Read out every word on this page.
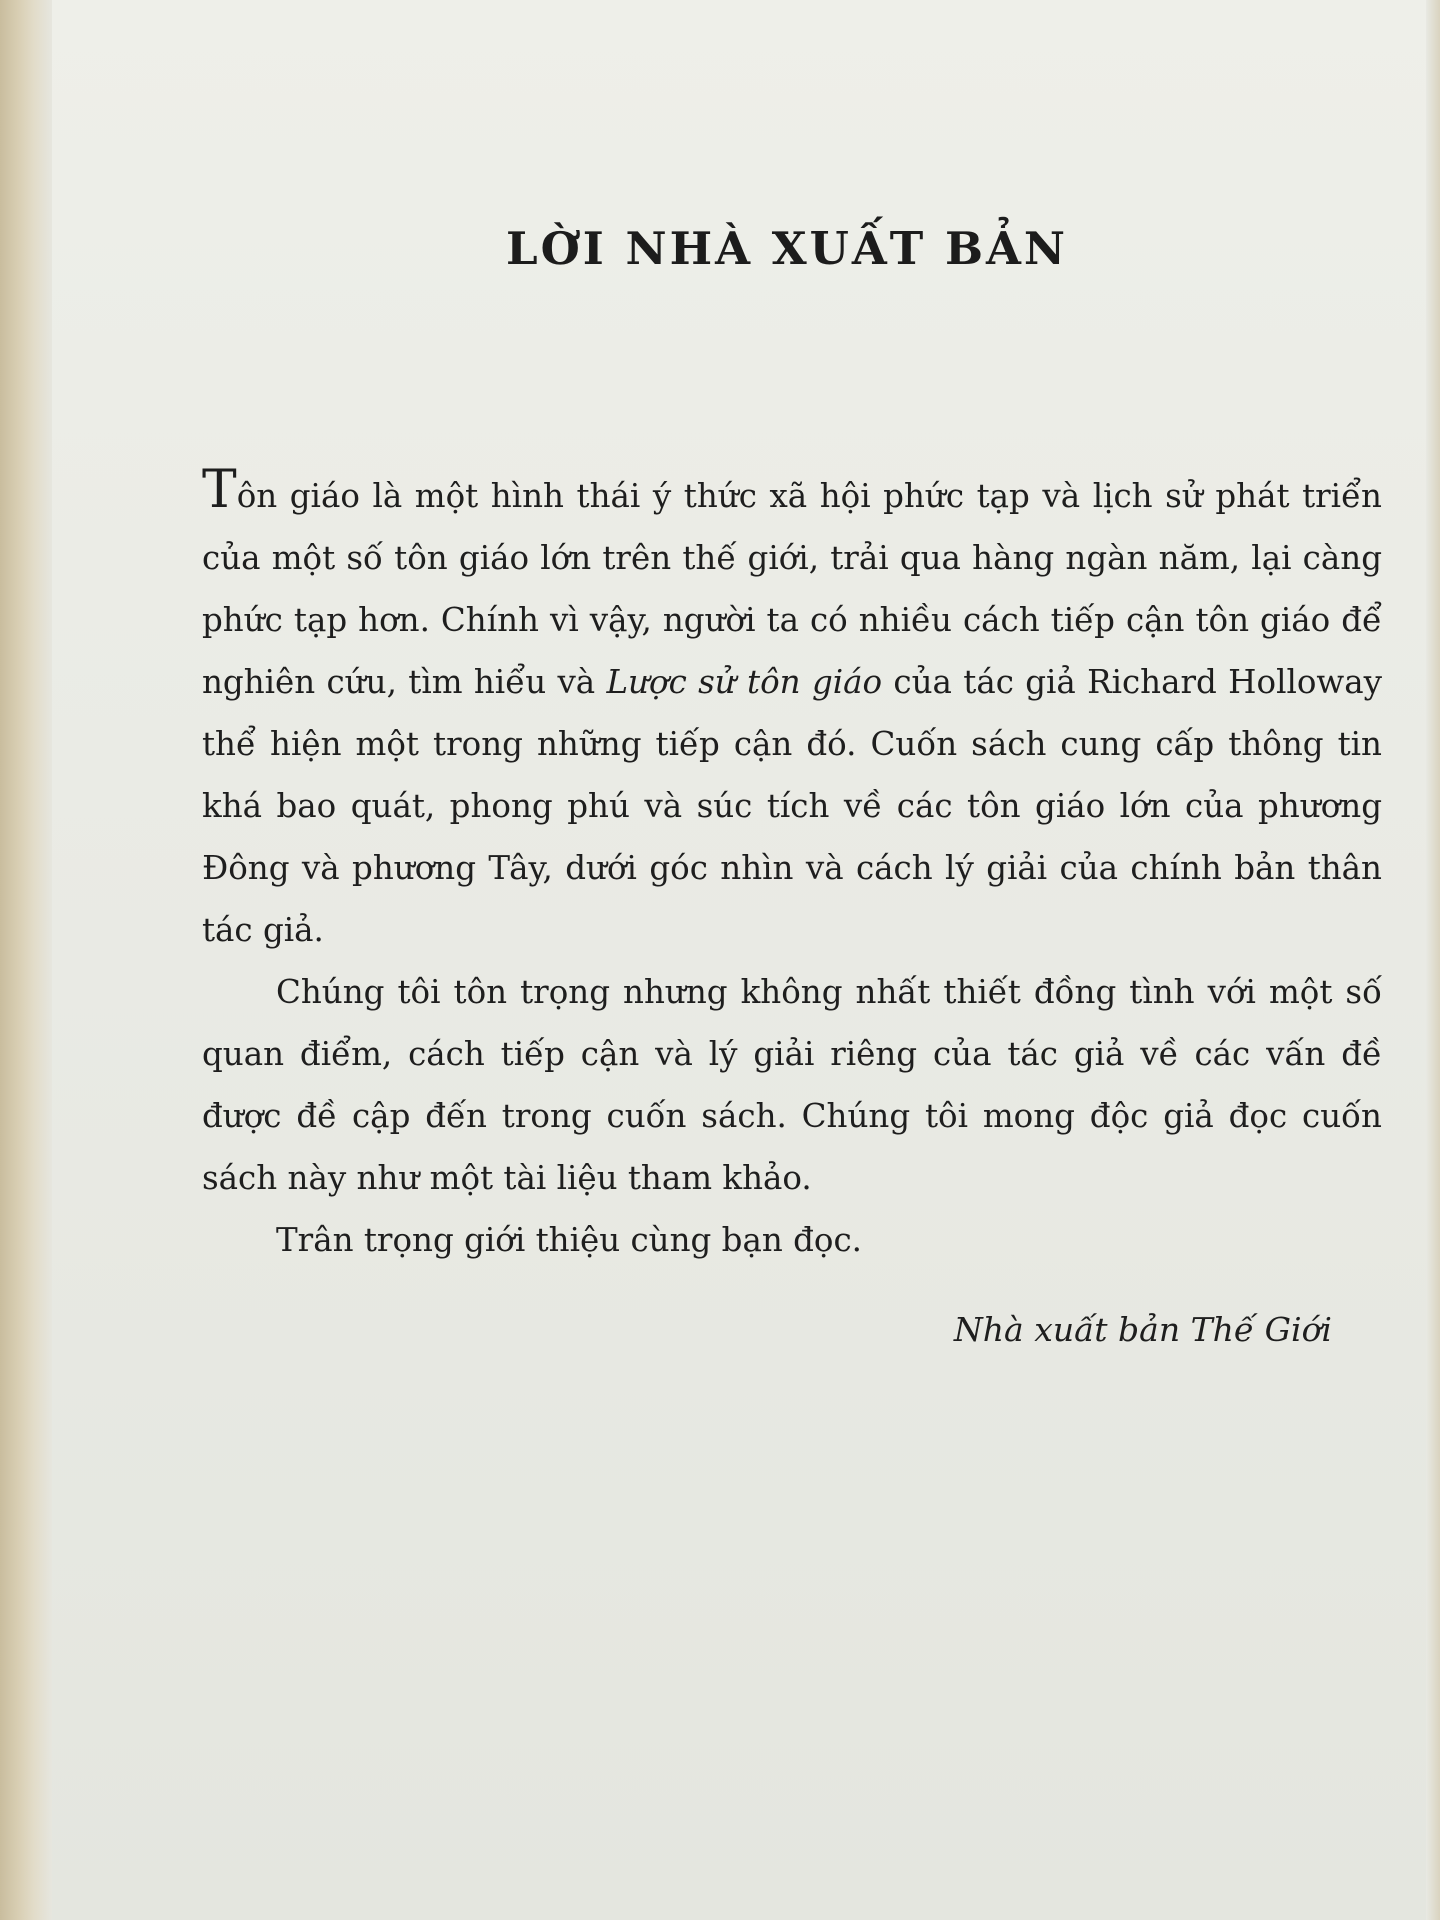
LỜI NHÀ XUẤT BẢN

Tôn giáo là một hình thái ý thức xã hội phức tạp và lịch sử phát triển của một số tôn giáo lớn trên thế giới, trải qua hàng ngàn năm, lại càng phức tạp hơn. Chính vì vậy, người ta có nhiều cách tiếp cận tôn giáo để nghiên cứu, tìm hiểu và Lược sử tôn giáo của tác giả Richard Holloway thể hiện một trong những tiếp cận đó. Cuốn sách cung cấp thông tin khá bao quát, phong phú và súc tích về các tôn giáo lớn của phương Đông và phương Tây, dưới góc nhìn và cách lý giải của chính bản thân tác giả.

Chúng tôi tôn trọng nhưng không nhất thiết đồng tình với một số quan điểm, cách tiếp cận và lý giải riêng của tác giả về các vấn đề được đề cập đến trong cuốn sách. Chúng tôi mong độc giả đọc cuốn sách này như một tài liệu tham khảo.

Trân trọng giới thiệu cùng bạn đọc.

Nhà xuất bản Thế Giới
